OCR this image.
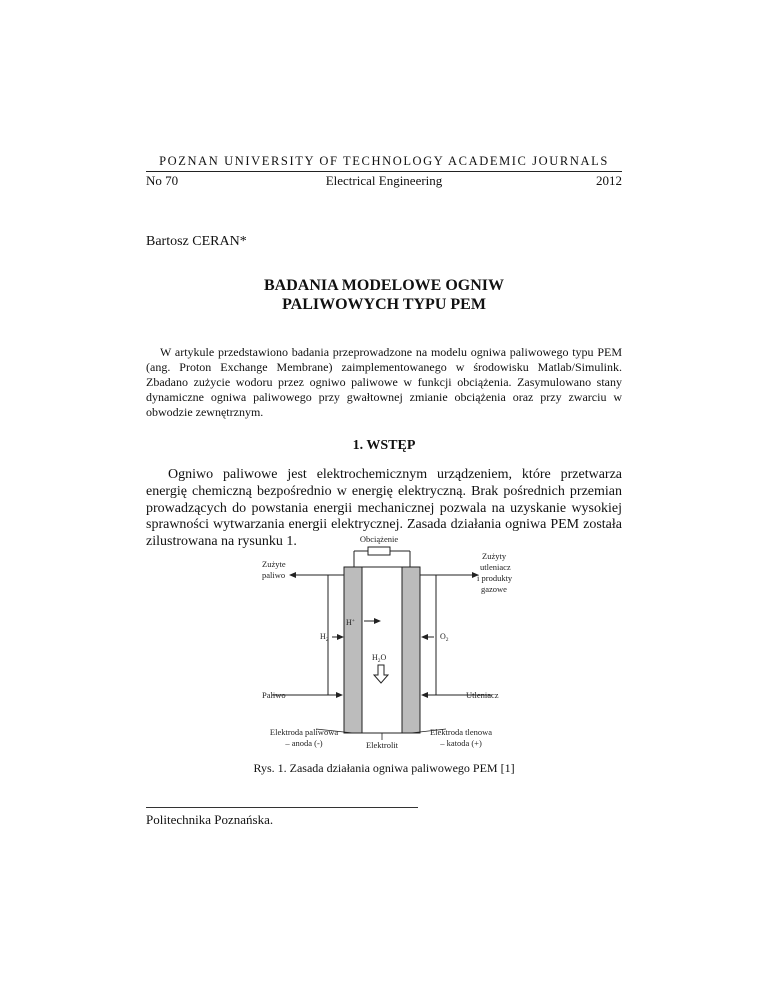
POZNAN UNIVERSITY OF TECHNOLOGY ACADEMIC JOURNALS
No 70	Electrical Engineering	2012
Bartosz CERAN*
BADANIA MODELOWE OGNIW
PALIWOWYCH TYPU PEM
W artykule przedstawiono badania przeprowadzone na modelu ogniwa paliwowego typu PEM (ang. Proton Exchange Membrane) zaimplementowanego w środowisku Matlab/Simulink. Zbadano zużycie wodoru przez ogniwo paliwowe w funkcji obciążenia. Zasymulowano stany dynamiczne ogniwa paliwowego przy gwałtownej zmianie obciążenia oraz przy zwarciu w obwodzie zewnętrznym.
1. WSTĘP
Ogniwo paliwowe jest elektrochemicznym urządzeniem, które przetwarza energię chemiczną bezpośrednio w energię elektryczną. Brak pośrednich przemian prowadzących do powstania energii mechanicznej pozwala na uzyskanie wysokiej sprawności wytwarzania energii elektrycznej. Zasada działania ogniwa PEM została zilustrowana na rysunku 1.	Obciążenie
Zużyte
paliwo
Paliwo
Zużyty
utleniacz
i produkty
gazowe
Utleniacz
$H_2$	$O_2$
H+
$H_2O$
Elektroda paliwowa
– anoda (-)	Elektrolit
Elektroda tlenowa
– katoda (+)
Rys. 1. Zasada działania ogniwa paliwowego PEM [1]
Politechnika Poznańska.
